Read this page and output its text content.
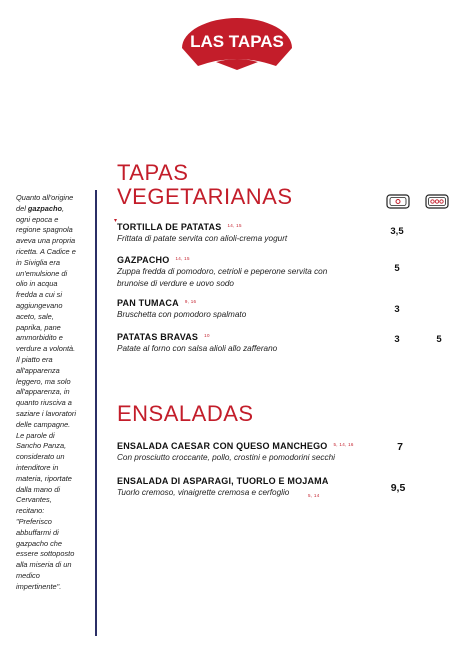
LAS TAPAS
Quanto all'origine del gazpacho, ogni epoca e regione spagnola aveva una propria ricetta. A Cadice e in Siviglia era un'emulsione di olio in acqua fredda a cui si aggiungevano aceto, sale, paprika, pane ammorbidito e verdure a volontà. Il piatto era all'apparenza leggero, ma solo all'apparenza, in quanto riusciva a saziare i lavoratori delle campagne. Le parole di Sancho Panza, considerato un intenditore in materia, riportate dalla mano di Cervantes, recitano: "Preferisco abbuffarmi di gazpacho che essere sottoposto alla miseria di un medico impertinente".
TAPAS
VEGETARIANAS
▾
TORTILLA DE PATATAS $^{14, 15}$
Frittata di patate servita con alioli-crema yogurt
3,5
GAZPACHO $^{14, 15}$
Zuppa fredda di pomodoro, cetrioli e peperone servita con
brunoise di verdure e uovo sodo
5
PAN TUMACA $^{9, 16}$
Bruschetta con pomodoro spalmato	3
PATATAS BRAVAS $^{10}$
Patate al forno con salsa alioli allo zafferano
3	5
ENSALADAS
ENSALADA CAESAR CON QUESO MANCHEGO $^{5, 14, 16}$
Con prosciutto croccante, pollo, crostini e pomodorini secchi
7
ENSALADA DI ASPARAGI, TUORLO E MOJAMA
Tuorlo cremoso, vinaigrette cremosa e cerfoglio	5, 14
9,5
